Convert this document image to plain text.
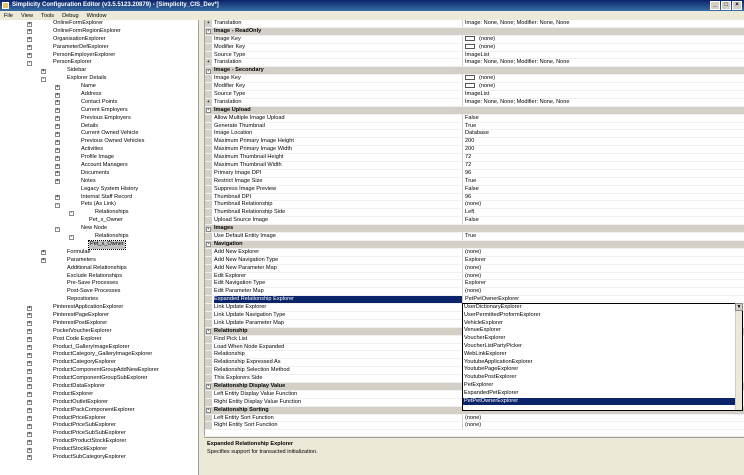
Simplicity Configuration Editor (v3.5.5123.20879) - [Simplicity_CIS_Dev*]	_	□	×
File View Tools Debug Window
+	OnlineFormExplorer
+	OnlineFormRegionExplorer
+	OrganisationExplorer
+	ParameterDefExplorer
+	PersonEmployerExplorer
-	PersonExplorer
+	Sidebar
-	Explorer Details
+	Name
+	Address
+	Contact Points
+	Current Employers
+	Previous Employers
+	Details
+	Current Owned Vehicle
+	Previous Owned Vehicles
+	Activities
+	Profile Image
+	Account Managers
+	Documents
+	Notes
Legacy System History
+	Internal Staff Record
-	Pets (As Link)
-	Relationships
Pet_x_Owner
-	New Node
-	Relationships
Pet_x_Owner
+	Formulae
+	Parameters
Additional Relationships
Exclude Relationships
Pre-Save Processes
Post-Save Processes
Repositories
+	PinterestApplicationExplorer
+	PinterestPageExplorer
+	PinterestPostExplorer
+	PocketVoucherExplorer
+	Post Code Explorer
+	Product_GalleryImageExplorer
+	ProductCategory_GalleryImageExplorer
+	ProductCategoryExplorer
+	ProductComponentGroupAddNewExplorer
+	ProductComponentGroupSubExplorer
+	ProductDataExplorer
+	ProductExplorer
+	ProductOutletExplorer
+	ProductPackComponentExplorer
+	ProductPriceExplorer
+	ProductPriceSubExplorer
+	ProductPriceSubSubExplorer
+	ProductProductStockExplorer
+	ProductStockExplorer
+	ProductSubCategoryExplorer
+ Translation	Image: None, None; Modifier: None, None
- Image - ReadOnly
Image Key	(none)
Modifier Key	(none)
Source Type	ImageList
+ Translation	Image: None, None; Modifier: None, None
- Image - Secondary
Image Key	(none)
Modifier Key	(none)
Source Type	ImageList
+ Translation	Image: None, None; Modifier: None, None
- Image Upload
Allow Multiple Image Upload	False
Generate Thumbnail	True
Image Location	Database
Maximum Primary Image Height	200
Maximum Primary Image Width	200
Maximum Thumbnail Height	72
Maximum Thumbnail Width	72
Primary Image DPI	96
Restrict Image Size	True
Suppress Image Preview	False
Thumbnail DPI	96
Thumbnail Relationship	(none)
Thumbnail Relationship Side	Left
Upload Source Image	False
- Images
Use Default Entity Image	True
- Navigation
Add New Explorer	(none)
Add New Navigation Type	Explorer
Add New Parameter Map	(none)
Edit Explorer	(none)
Edit Navigation Type	Explorer
Edit Parameter Map	(none)
Expanded Relationship Explorer	PetPetOwnerExplorer
Link Update Explorer
Link Update Navigation Type
Link Update Parameter Map
- Relationship
Find Pick List
Load When Node Expanded
Relationship
Relationship Expressed As
Relationship Selection Method
This Explorers Side
- Relationship Display Value
Left Entity Display Value Function
Right Entity Display Value Function
- Relationship Sorting
Left Entity Sort Function	(none)
Right Entity Sort Function	(none)
UserDictionaryExplorer
UserPermittedProformExplorer
VehicleExplorer
VenueExplorer
VoucherExplorer
VoucherListPartyPicker
WebLinkExplorer
YoutubeApplicationExplorer
YoutubePageExplorer
YoutubePostExplorer
PetExplorer
ExpandedPetExplorer
PetPetOwnerExplorer
▼
Expanded Relationship Explorer
Specifies support for transacted initialization.
